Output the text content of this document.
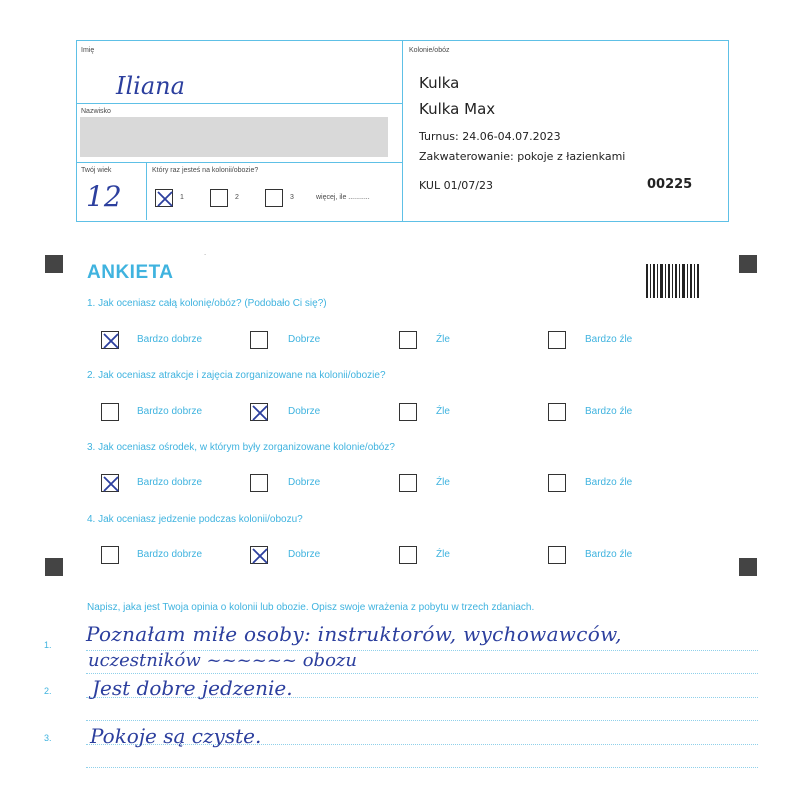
Imię
Iliana
Nazwisko
Twój wiek
12
Który raz jesteś na kolonii/obozie?
1	2	3	więcej, ile ...........
Kolonie/obóz
Kulka
Kulka Max
Turnus: 24.06-04.07.2023
Zakwaterowanie: pokoje z łazienkami
KUL 01/07/23	00225
˙
ANKIETA
1. Jak oceniasz całą kolonię/obóz? (Podobało Ci się?)
Bardzo dobrze	Dobrze	Źle	Bardzo źle
2. Jak oceniasz atrakcje i zajęcia zorganizowane na kolonii/obozie?
Bardzo dobrze	Dobrze	Źle	Bardzo źle
3. Jak oceniasz ośrodek, w którym były zorganizowane kolonie/obóz?
Bardzo dobrze	Dobrze	Źle	Bardzo źle
4. Jak oceniasz jedzenie podczas kolonii/obozu?
Bardzo dobrze	Dobrze	Źle	Bardzo źle
Napisz, jaka jest Twoja opinia o kolonii lub obozie. Opisz swoje wrażenia z pobytu w trzech zdaniach.
1.
2.
3.
Poznałam miłe osoby: instruktorów, wychowawców,
uczestników ~~~~~~ obozu
Jest dobre jedzenie.
Pokoje są czyste.
